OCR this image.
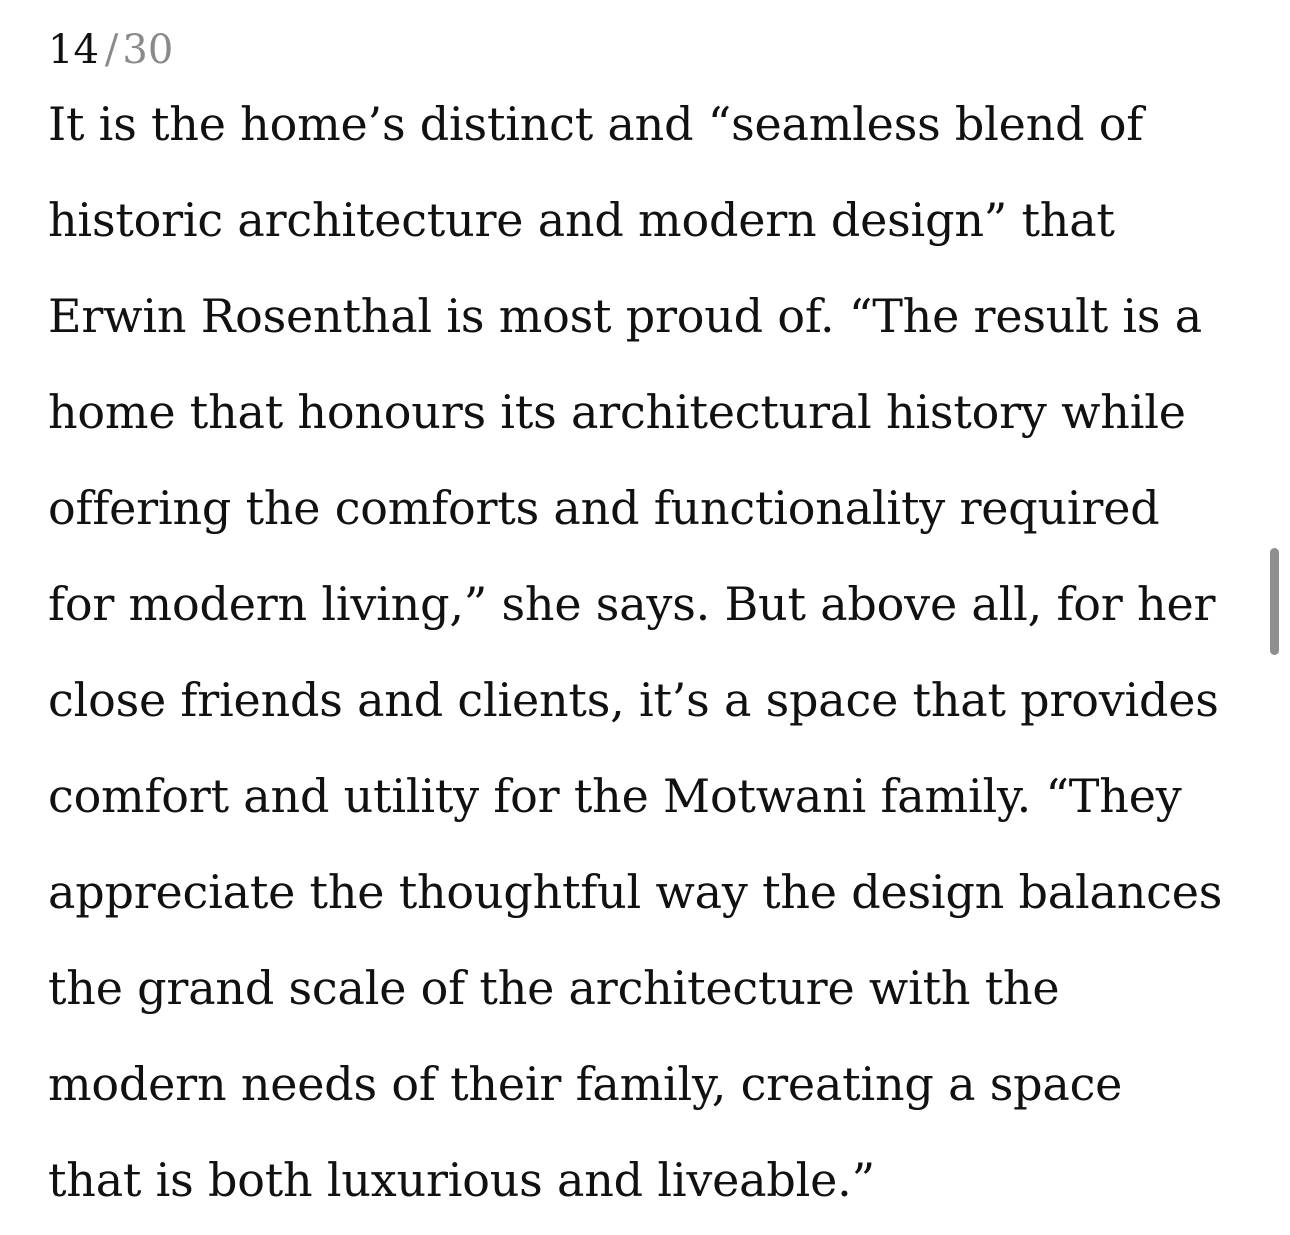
14 / 30
It is the home’s distinct and “seamless blend of
historic architecture and modern design” that
Erwin Rosenthal is most proud of. “The result is a
home that honours its architectural history while
offering the comforts and functionality required
for modern living,” she says. But above all, for her
close friends and clients, it’s a space that provides
comfort and utility for the Motwani family. “They
appreciate the thoughtful way the design balances
the grand scale of the architecture with the
modern needs of their family, creating a space
that is both luxurious and liveable.”
